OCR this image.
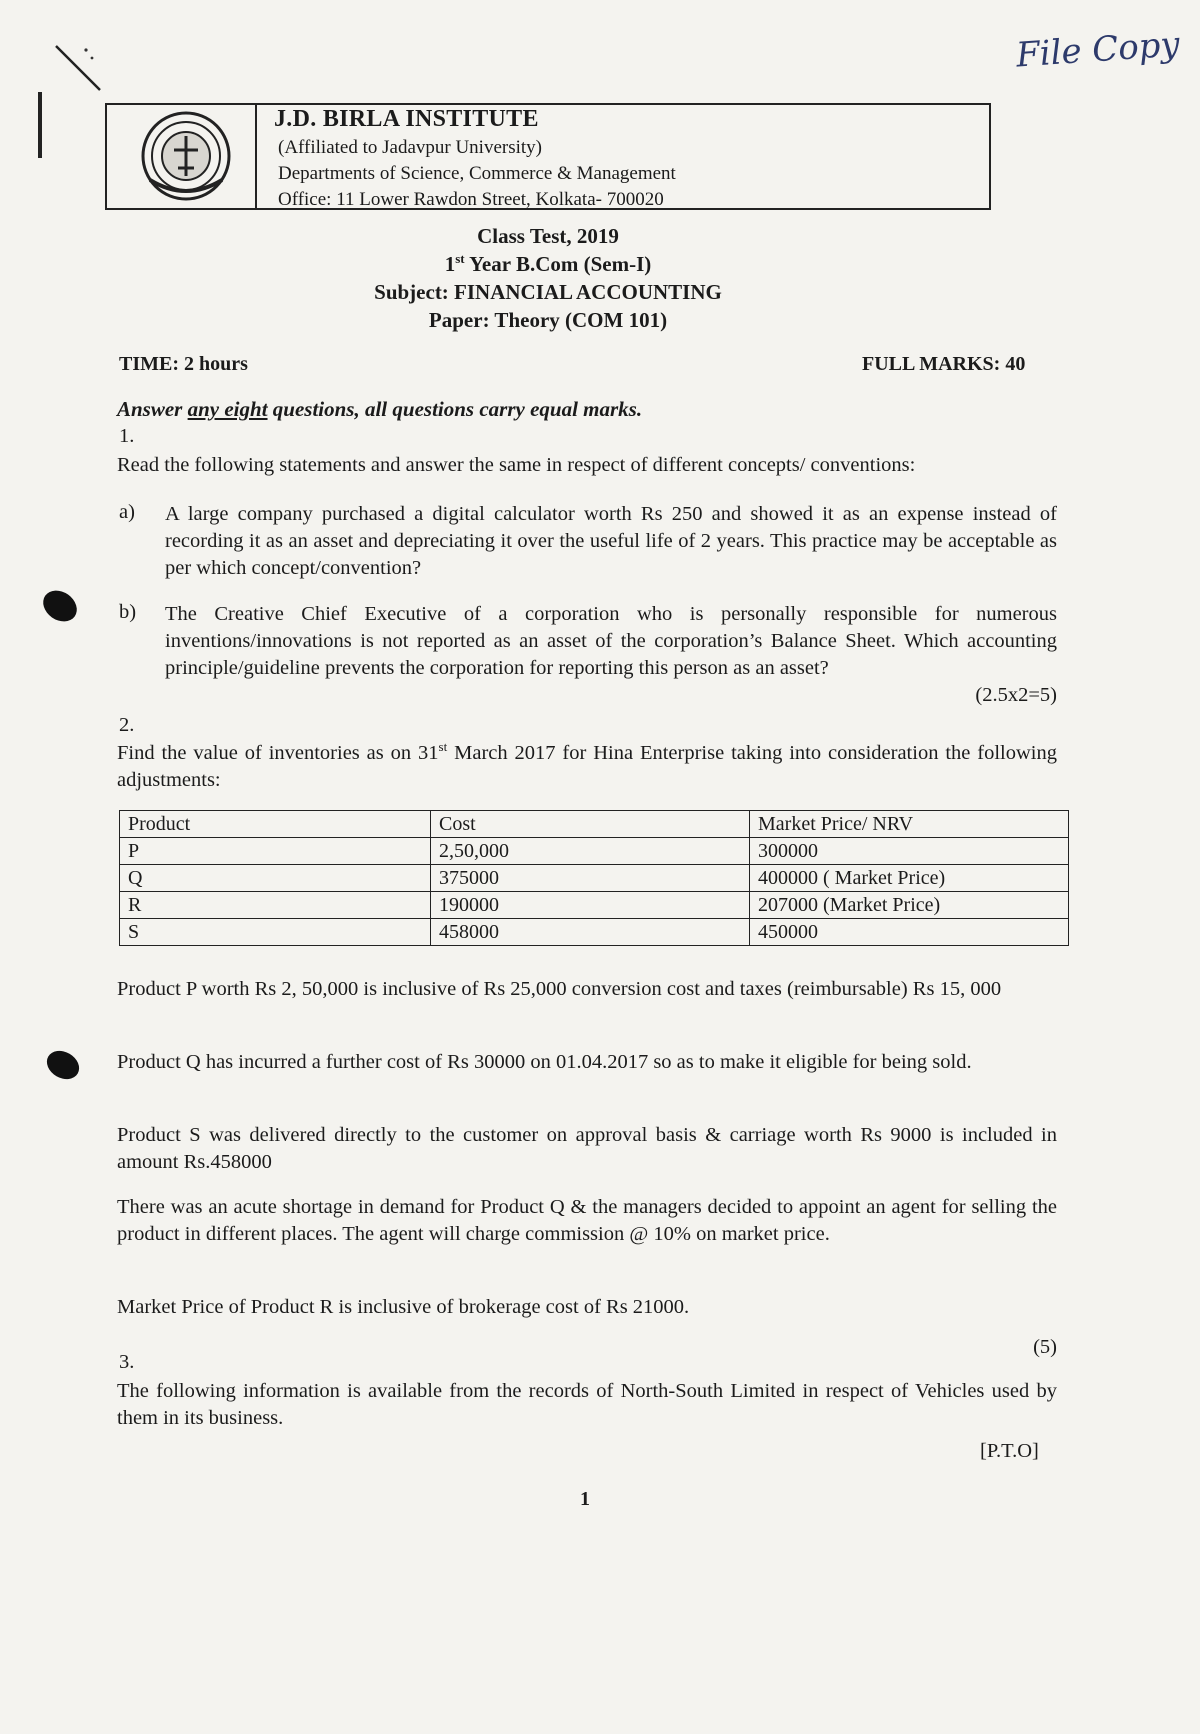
File Copy
J.D. BIRLA INSTITUTE
(Affiliated to Jadavpur University)
Departments of Science, Commerce & Management
Office: 11 Lower Rawdon Street, Kolkata- 700020
Class Test, 2019
1st Year B.Com (Sem-I)
Subject: FINANCIAL ACCOUNTING
Paper: Theory (COM 101)
TIME: 2 hours	FULL MARKS: 40
Answer any eight questions, all questions carry equal marks.
1.
Read the following statements and answer the same in respect of different concepts/ conventions:
a) A large company purchased a digital calculator worth Rs 250 and showed it as an expense instead of recording it as an asset and depreciating it over the useful life of 2 years. This practice may be acceptable as per which concept/convention?
b) The Creative Chief Executive of a corporation who is personally responsible for numerous inventions/innovations is not reported as an asset of the corporation’s Balance Sheet. Which accounting principle/guideline prevents the corporation for reporting this person as an asset?
(2.5x2=5)
2.
Find the value of inventories as on 31st March 2017 for Hina Enterprise taking into consideration the following adjustments:
Product	Cost	Market Price/ NRV
P	2,50,000	300000
Q	375000	400000 ( Market Price)
R	190000	207000 (Market Price)
S	458000	450000
Product P worth Rs 2, 50,000 is inclusive of Rs 25,000 conversion cost and taxes (reimbursable) Rs 15, 000
Product Q has incurred a further cost of Rs 30000 on 01.04.2017 so as to make it eligible for being sold.
Product S was delivered directly to the customer on approval basis & carriage worth Rs 9000 is included in amount Rs.458000
There was an acute shortage in demand for Product Q & the managers decided to appoint an agent for selling the product in different places. The agent will charge commission @ 10% on market price.
Market Price of Product R is inclusive of brokerage cost of Rs 21000.
(5)
3.
The following information is available from the records of North-South Limited in respect of Vehicles used by them in its business.
[P.T.O]
1
